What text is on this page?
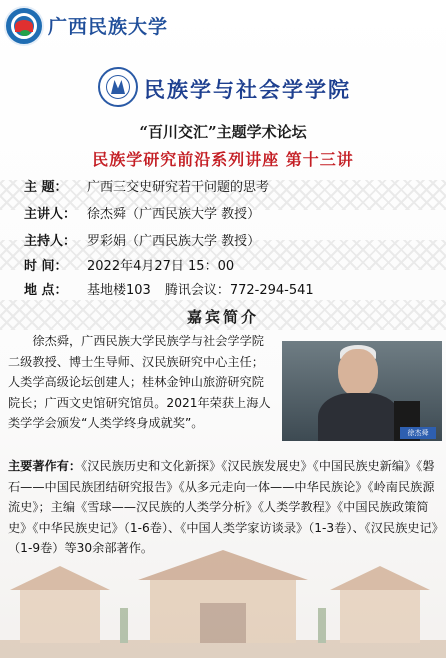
广西民族大学
民族学与社会学学院
“百川交汇”主题学术论坛
民族学研究前沿系列讲座 第十三讲
主 题： 广西三交史研究若干问题的思考
主讲人： 徐杰舜（广西民族大学 教授）
主持人： 罗彩娟（广西民族大学 教授）
时 间： 2022年4月27日 15：00
地 点： 基地楼103 腾讯会议：772-294-541
嘉宾简介
徐杰舜，广西民族大学民族学与社会学学院二级教授、博士生导师、汉民族研究中心主任；人类学高级论坛创建人；桂林金钟山旅游研究院院长；广西文史馆研究馆员。2021年荣获上海人类学学会颁发“人类学终身成就奖”。
徐杰舜
主要著作有：《汉民族历史和文化新探》《汉民族发展史》《中国民族史新编》《磐石——中国民族团结研究报告》《从多元走向一体——中华民族论》《岭南民族源流史》；主编《雪球——汉民族的人类学分析》《人类学教程》《中国民族政策简史》《中华民族史记》（1-6卷）、《中国人类学家访谈录》（1-3卷）、《汉民族史记》（1-9卷）等30余部著作。
